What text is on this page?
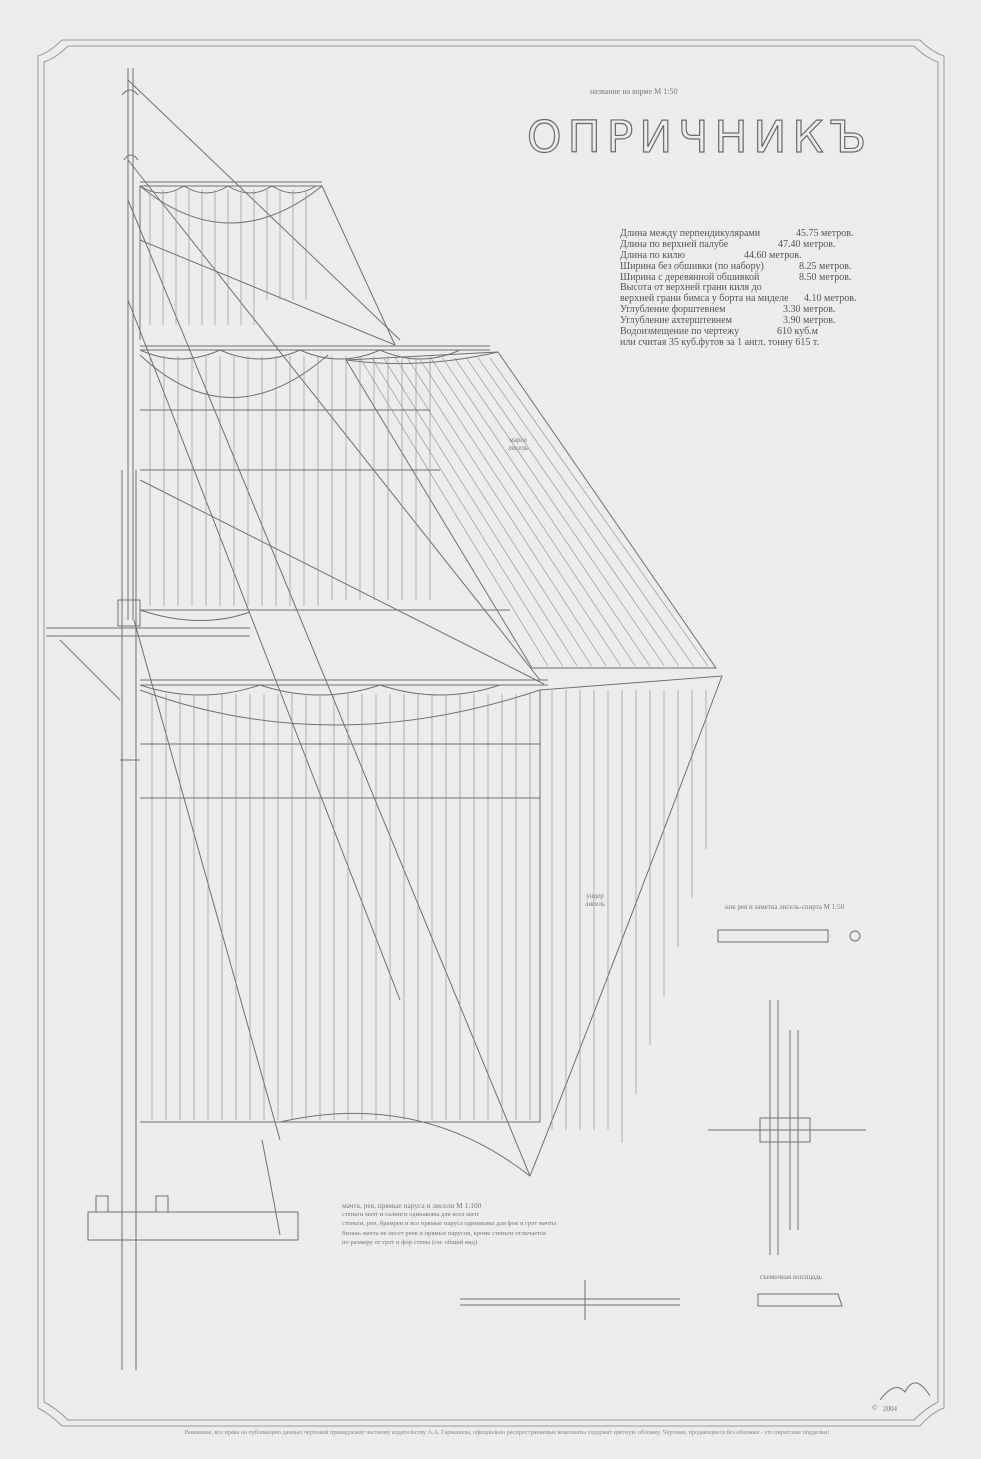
название на корме М 1:50
ОПРИЧНИКЪ
Длина между перпендикулярами	45.75 метров.
Длина по верхней палубе	47.40 метров.
Длина по килю	44.60 метров.
Ширина без обшивки (по набору)	8.25 метров.
Ширина с деревянной обшивкой	8.50 метров.
Высота от верхней грани киля до
верхней грани бимса у борта на миделе 4.10 метров.
Углубление форштевнем	3.30 метров.
Углубление ахтерштевнем	3.90 метров.
Водоизмещение по чертежу	610 куб.м
или считая 35 куб.футов за 1 англ. тонну 615 т.
марсе лисель
ундер лисель	нок рея и заметка лисель-спирта М 1:50
съемочная коплщадь
мачта, рея, прямые паруса и лисели М 1:100
стеньги мачт и салинги одинаковы для всех мачт
стеньги, реи, брамреи и все прямые паруса одинаковы для фок и грот мачты
бизань мачта не несет реев и прямых парусов, кроме стеньги отличается
по размеру от грот и фор стены (см. общий вид)
© 2004
Внимание, все права на публикацию данных чертежей принадлежат частному издательству А.А. Гармашева, официально распространяемые комплекты содержат цветную обложку. Чертежи, продающиеся без обложки - это пиратские подделки!
